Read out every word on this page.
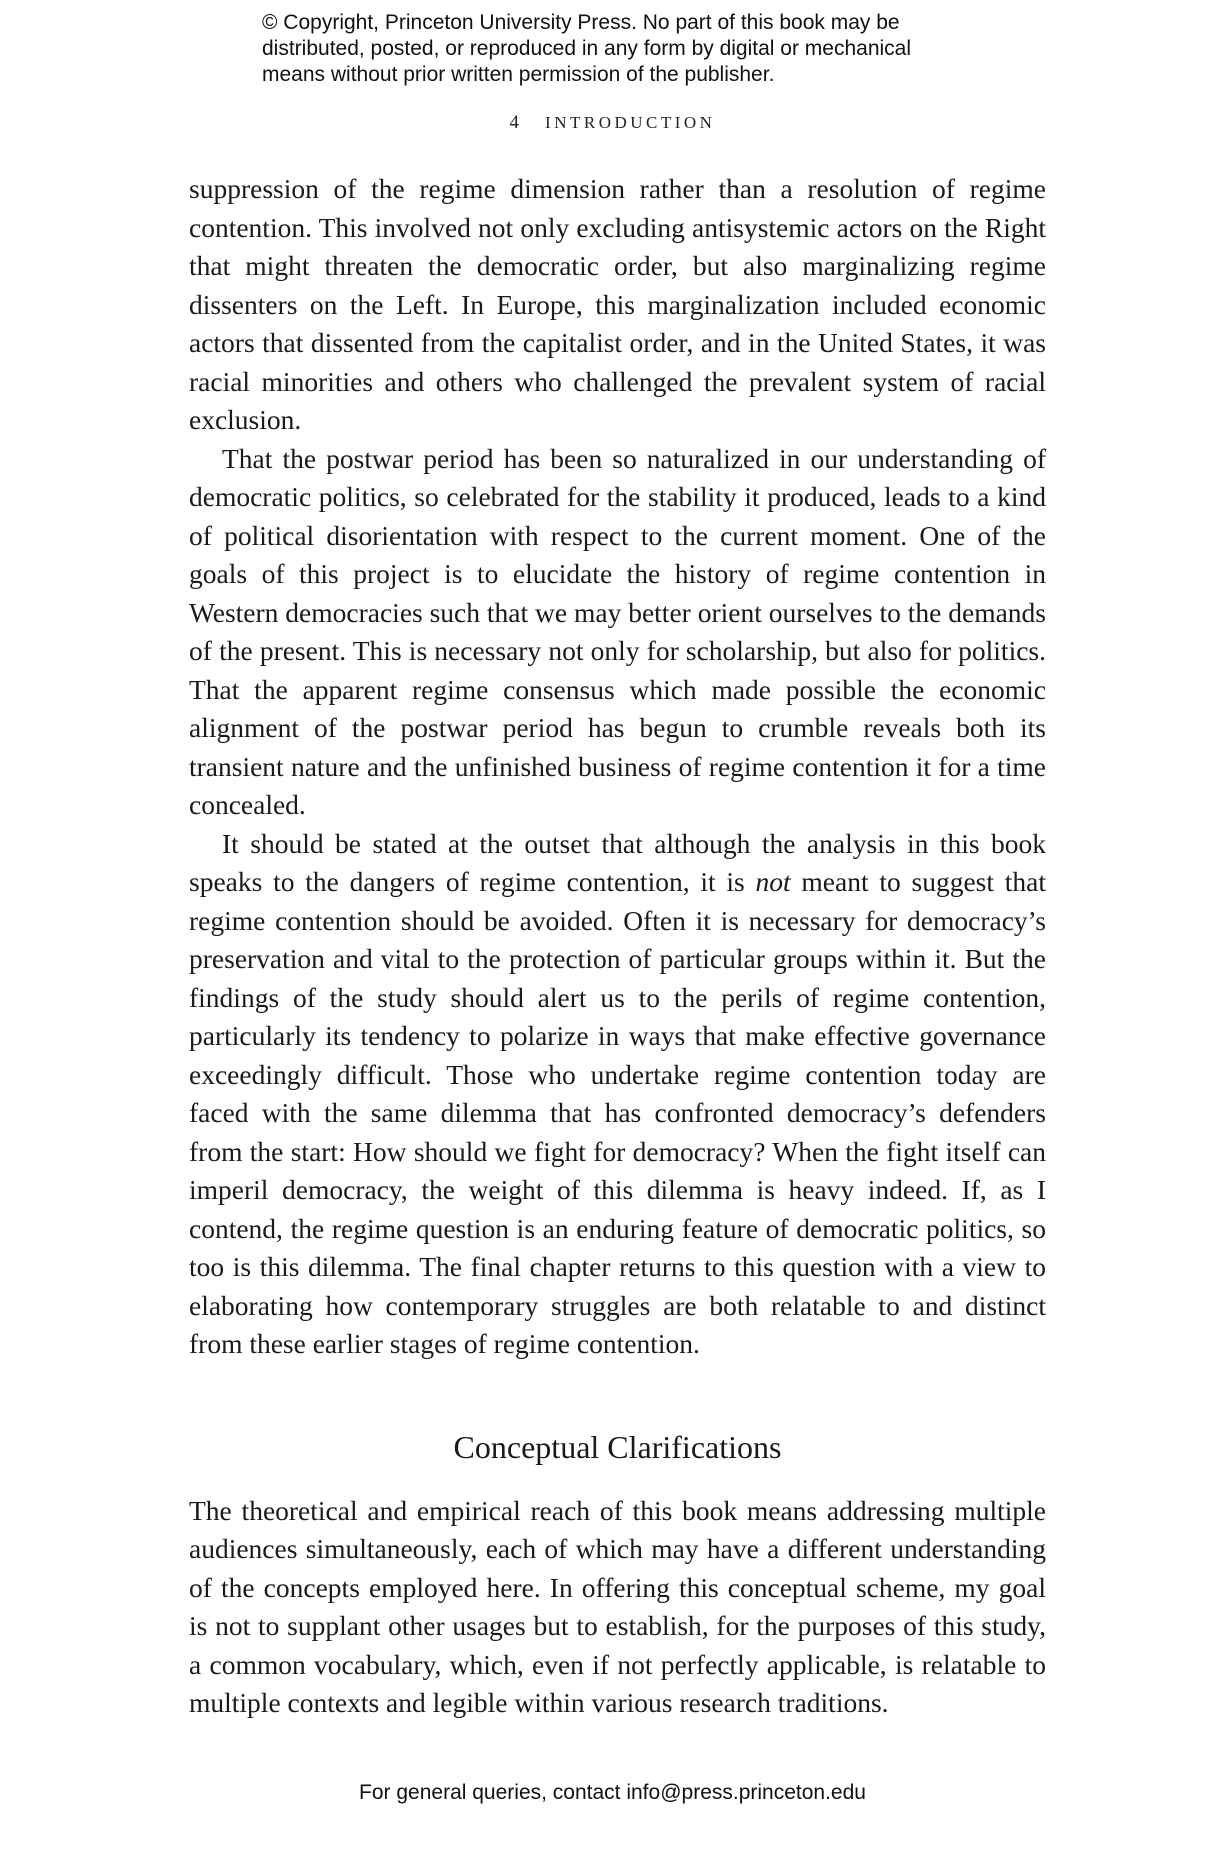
© Copyright, Princeton University Press. No part of this book may be
distributed, posted, or reproduced in any form by digital or mechanical
means without prior written permission of the publisher.
4 INTRODUCTION

suppression of the regime dimension rather than a resolution of regime contention. This involved not only excluding antisystemic actors on the Right that might threaten the democratic order, but also marginalizing regime dissenters on the Left. In Europe, this marginalization included economic actors that dissented from the capitalist order, and in the United States, it was racial minorities and others who challenged the prevalent system of racial exclusion.

That the postwar period has been so naturalized in our understanding of democratic politics, so celebrated for the stability it produced, leads to a kind of political disorientation with respect to the current moment. One of the goals of this project is to elucidate the history of regime contention in Western democracies such that we may better orient ourselves to the demands of the present. This is necessary not only for scholarship, but also for politics. That the apparent regime consensus which made possible the economic alignment of the postwar period has begun to crumble reveals both its transient nature and the unfinished business of regime contention it for a time concealed.

It should be stated at the outset that although the analysis in this book speaks to the dangers of regime contention, it is not meant to suggest that regime contention should be avoided. Often it is necessary for democracy’s preservation and vital to the protection of particular groups within it. But the findings of the study should alert us to the perils of regime contention, particularly its tendency to polarize in ways that make effective governance exceedingly difficult. Those who undertake regime contention today are faced with the same dilemma that has confronted democracy’s defenders from the start: How should we fight for democracy? When the fight itself can imperil democracy, the weight of this dilemma is heavy indeed. If, as I contend, the regime question is an enduring feature of democratic politics, so too is this dilemma. The final chapter returns to this question with a view to elaborating how contemporary struggles are both relatable to and distinct from these earlier stages of regime contention.

Conceptual Clarifications

The theoretical and empirical reach of this book means addressing multiple audiences simultaneously, each of which may have a different understanding of the concepts employed here. In offering this conceptual scheme, my goal is not to supplant other usages but to establish, for the purposes of this study, a common vocabulary, which, even if not perfectly applicable, is relatable to multiple contexts and legible within various research traditions.

For general queries, contact info@press.princeton.edu
